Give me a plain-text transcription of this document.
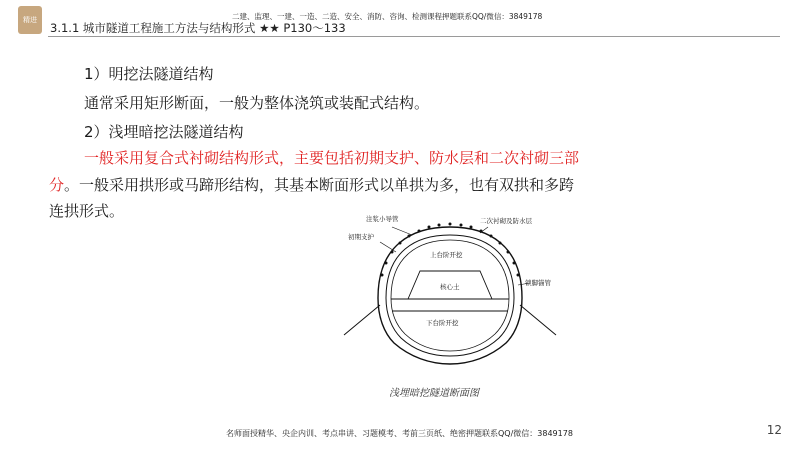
精进	二建、监理、一建、一造、二造、安全、消防、咨询、检测课程押题联系QQ/微信：3849178
3.1.1 城市隧道工程施工方法与结构形式 ★★ P130～133
1）明挖法隧道结构
通常采用矩形断面，一般为整体浇筑或装配式结构。
2）浅埋暗挖法隧道结构
一般采用复合式衬砌结构形式，主要包括初期支护、防水层和二次衬砌三部
分。一般采用拱形或马蹄形结构，其基本断面形式以单拱为多，也有双拱和多跨
连拱形式。	注浆小导管	二次衬砌及防水层
初期支护
上台阶开挖
核心土	锁脚锚管
下台阶开挖
浅埋暗挖隧道断面图
名师面授精华、央企内训、考点串讲、习题模考、考前三页纸、绝密押题联系QQ/微信：3849178	12
